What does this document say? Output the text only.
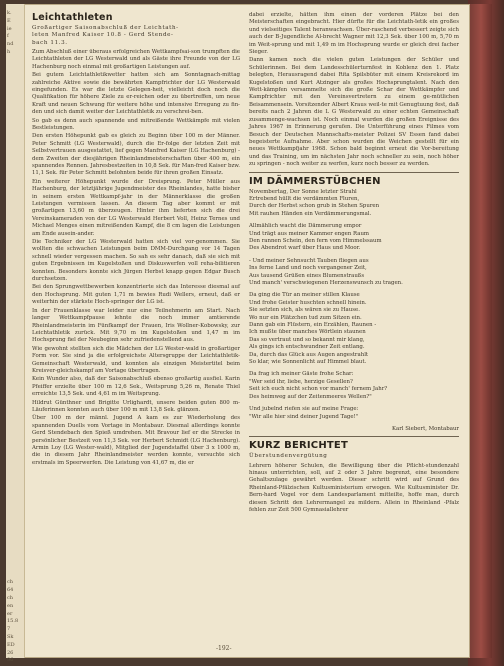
k.
E
ie
f
nd
h
ch
64
ch
en
er
15.8
7
Sk
ED
26
96
Leichtathleten
Großartiger Saisonabschluß der Leichtath-
leten Manfred Kaiser 10.8 - Gerd Stende-
bach 11.3.
Zum Abschluß einer überaus erfolgreichen Wettkampfsai-son trumpften die Leichtathleten der LG Westerwald und als Gäste ihre Freunde von der LG Hachenburg noch einmal mit großartigen Leistungen auf.
Bei gutem Leichtathletikwetter hatten sich am Sonntagnach-mittag zahlreiche Aktive sowie die bewährten Kampfrichter der LG Westerwald eingefunden. Es war die letzte Gelegen-heit, vielleicht doch noch die Qualifikation für höhere Ziele zu er-reichen oder zu übertreffen, um neue Kraft und neuen Schwung für weitere höhe und intensive Erregung zu fin-den und sich damit weiter der Leichtathletik zu verschrei-ben.
So gab es denn auch spannende und mitreißende Wettkämpfe mit vielen Bestleistungen.
Den ersten Höhepunkt gab es gleich zu Beginn über 100 m der Männer. Peter Schmitt (LG Westerwald), durch die Er-folge der letzten Zeit mit Selbstvertrauen ausgestattet, lief gegen Manfred Kaiser (LG Hachenburg) - dem Zweiten der diesjährigen Rheinlandmeisterschaften über 400 m, ein spannendes Rennen. Jahresbestzeiten in 10,8 Sek. für Man-fred Kaiser bzw. 11,1 Sek. für Peter Schmitt belohnten beide für ihren großen Einsatz.
Ein weiterer Höhepunkt wurde der Dreisprung. Peter Müller aus Hachenburg, der letztjährige Jugendmeister des Rheinlandes, hatte bisher in seinem ersten Wettkampf-jahr in der Männerklasse die großen Leistungen vermissen lassen. An diesem Tag aber kommt er mit großartigen 13,60 m überzeugen. Hinter ihm lieferten sich die drei Vereinskameraden von der LG Westerwald Herbert Voll, Heinz Ternes und Michael Menges einen mitreißenden Kampf, die 8 cm lagen die Leistungen am Ende ausein-ander.
Die Techniker der LG Westerwald hatten sich viel vor-genommen. Sie wollten die schwachen Leistungen beim DMM-Durchgang vor 14 Tagen schnell wieder vergessen machen. So sah es sehr danach, daß sie sich mit guten Ergebnissen im Kugelstoßen und Diskuswerfen voll reha-bilitieren konnten. Besonders konnte sich Jürgen Herbst knapp gegen Edgar Busch durchsetzen.
Bei den Sprungwettbewerben konzentrierte sich das Interesse diesmal auf den Hochsprung. Mit guten 1,71 m bewies Rudi Wellers, erneut, daß er weiterhin der stärkste Hoch-springer der LG ist.
In der Frauenklasse war leider nur eine Teilnehmerin am Start. Nach langer Wettkampfpause lehnte die noch immer amtierende Rheinlandmeisterin im Fünfkampf der Frauen, Iris Wollner-Kobowsky, zur Leichtathletik zurück. Mit 9,70 m im Kugelstoßen und 1,47 m im Hochsprung fiel der Neubeginn sehr zufriedenstellend aus.
Wie gewohnt stellten sich die Mädchen der LG Wester-wald in großartiger Form vor. Sie sind ja die erfolgreichste Altersgruppe der Leichtathletik-Gemeinschaft Westerwald, und konnten als einzigen Meistertitel beim Kreisver-gleichskampf am Vortage übertragen.
Kein Wunder also, daß der Saisonabschluß ebenso großartig ausfiel. Karin Pfeiffer erzielte über 100 m 12,6 Sek., Weitsprung 5,26 m, Renate Thiel erreichte 13,5 Sek. und 4,61 m im Weitsprung.
Hildrut Günthner und Brigitte Urlighardt, unsere beiden guten 800 m-Läuferinnen konnten auch über 100 m mit 13,8 Sek. glänzen.
Über 100 m der männl. Jugend A kam es zur Wiederholung des spannenden Duells vom Vortage in Montabaur. Diesmal allerdings konnte Gerd Stendebach den Spieß umdrehen. Mit Bravour lief er die Strecke in persönlicher Bestzeit von 11,3 Sek. vor Herbert Schmidt (LG Hachenburg). Armin Loy (LG Wester-wald), Mitglied der Jugendstaffel über 3 x 1000 m, die in diesem Jahr Rheinlandmeister werden konnte, versuchte sich erstmals im Speerwerfen. Die Leistung von 41,67 m, die er
dabei erzielte, hätten ihm einen der vorderen Plätze bei den Meisterschaften eingebracht. Hier dürfte für die Leichtath-letik ein großes und vielseitiges Talent heranwachsen. Über-raschend verbessert zeigte sich auch der B-Jugendliche Al-brecht Wagner mit 12,3 Sek. über 100 m, 5,70 m im Weit-sprung und mit 1,49 m im Hochsprung wurde er gleich drei facher Sieger.
Dann kamen noch die vielen guten Leistungen der Schüler und Schülerinnen. Bei dem Landesschülerturnfest in Koblenz den 1. Platz belegten, Herausragend dabei Rita Spilsbüter mit einem Kreisrekord im Kugelstoßen und Kurt Atzinger als großes Hochsprungtalent. Nach den Wett-kämpfen versammelte sich die große Schar der Wettkämpfer und Kampfrichter mit den Vereinsvertretern zu einem ge-mütlichen Beisammensein. Vorsitzender Albert Kraus weil-te mit Genugtuung fest, daß bereits nach 2 Jahren die L G Westerwald zu einer echten Gemeinschaft zusammenge-wachsen ist. Noch einmal wurden die großen Ereignisse des Jahres 1967 in Erinnerung gerufen. Die Unterführung eines Filmes vom Besuch der Deutschen Mannschafts-meister Polizei SV Essen fand dabei begeisterte Aufnahme. Aber schon wurden die Weichen gestellt für ein neues Wettkampfjahr 1968. Schon bald beginnt erneut die Vor-bereitung und das Training, um im nächsten Jahr noch schneller zu sein, noch höher zu springen - noch weiter zu werfen, kurz noch besser zu werden.
IM DÄMMERSTÜBCHEN
Novembertag, Der Sonne letzter Strahl
Ertrebend hüllt die verdämmten Fluren,
Durch der Herbst schon grub in Stehen Spuren
Mit rauhen Händen ein Verdämmerungsmal.
Allmählich wacht die Dämmerung empor
Und trägt aus meiner Kammer engen Raum
Den rannen Schein, den fern vom Himmelssaum
Des Abendrot warf über Haus und Moor.
- Und meiner Sehnsucht Tauben fliegen aus
Ins ferne Land und noch vergangener Zeit,
Aus tausend Grüßen eines Blumenstraußs
Und manch' verschwiegenen Herzenswunsch zu tragen.
Da ging die Tür an meiner stillen Klause
Und frohe Geister huschten schnell hinein.
Sie setzten sich, als wären sie zu Hause.
Wo nur ein Plätzchen tud zum Sitzen ein.
Dann gab ein Flüstern, ein Erzählen, Raunen -
Ich mußte über manches Wörtlein staunen
Das so vertraut und so bekannt mir klang,
Als gings ich entschwundner Zeit entlang.
Da, durch das Glück aus Augen angestrahlt
So klar, wie Sonnenlicht auf Himmel blaut.
Da frag ich meiner Gäste frohe Schar:
"Wer seid ihr, liebe, herzige Gesellen?
Seit ich euch nicht schon vor manch' fernem Jahr?
Des heimweg auf der Zeitenmeeres Wellen?"
Und jubelnd riefen sie auf meine Frage:
"Wir alle hier sind deiner Jugend Tage!"
Karl Siebert, Montabaur
KURZ BERICHTET
Überstundenvergütung
Lehrern höherer Schulen, die Bewilligung über die Pflicht-stundenzahl hinaus unterrichten, soll, auf 2 oder 3 Jahre begrenzt, eine besondere Gehaltszulage gewährt werden. Dieser schritt wird auf Grund des Rheinland-Pfälzischen Kultusministerium erwogen. Wie Kultusminister Dr. Bern-hard Vogel vor dem Landesparlament mitteilte, hoffe man, durch diesen Schritt den Lehrermangel zu mildern. Allein in Rheinland -Pfalz fehlen zur Zeit 500 Gymnasiallehrer
-192-
